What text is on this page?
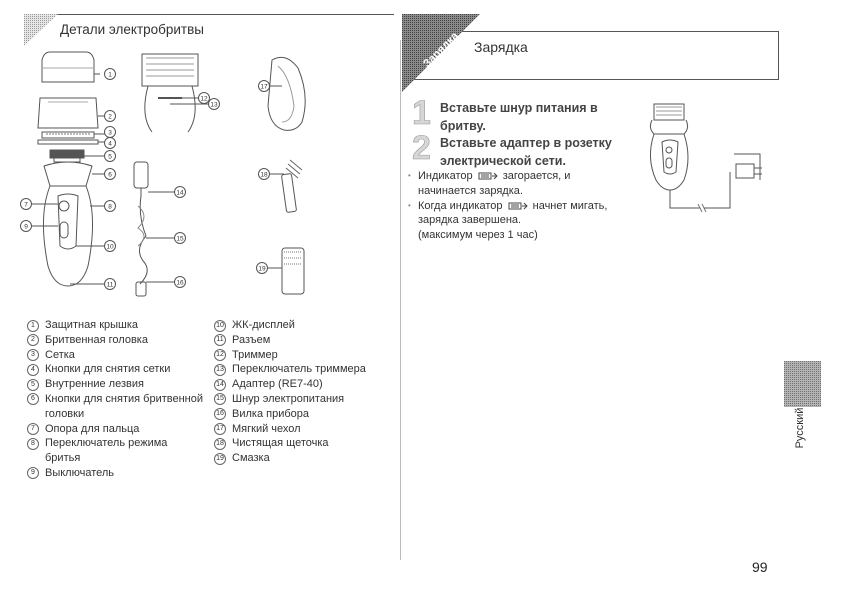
Детали электробритвы
Зарядка Зарядка
1
2
3
4
5
6
7	8
9
10
11
12
13
14
15
16
17
18
19
1 Защитная крышка
2 Бритвенная головка
3 Сетка
4 Кнопки для снятия сетки
5 Внутренние лезвия
6 Кнопки для снятия бритвенной
головки
7 Опора для пальца
8 Переключатель режима
бритья
9 Выключатель
10 ЖК-дисплей
11 Разъем
12 Триммер
13 Переключатель триммера
14 Адаптер (RE7-40)
15 Шнур электропитания
16 Вилка прибора
17 Мягкий чехол
18 Чистящая щеточка
19 Смазка
1 Вставьте шнур питания в
бритву.
2 Вставьте адаптер в розетку
электрической сети.
• Индикатор	загорается, и
начинается зарядка.
• Когда индикатор	начнет мигать,
зарядка завершена.
(максимум через 1 час)
Русский
99
